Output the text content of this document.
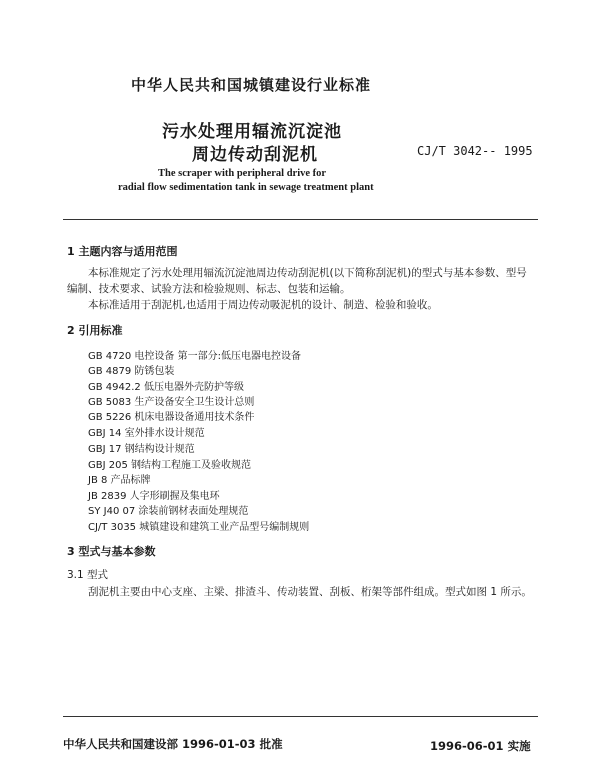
中华人民共和国城镇建设行业标准
污水处理用辐流沉淀池
周边传动刮泥机	CJ/T 3042-- 1995
The scraper with peripheral drive for
radial flow sedimentation tank in sewage treatment plant
1 主题内容与适用范围
本标准规定了污水处理用辐流沉淀池周边传动刮泥机(以下简称刮泥机)的型式与基本参数、型号
编制、技术要求、试验方法和检验规则、标志、包装和运输。
本标准适用于刮泥机,也适用于周边传动吸泥机的设计、制造、检验和验收。
2 引用标准
GB 4720 电控设备 第一部分:低压电器电控设备
GB 4879 防锈包装
GB 4942.2 低压电器外壳防护等级
GB 5083 生产设备安全卫生设计总则
GB 5226 机床电器设备通用技术条件
GBJ 14 室外排水设计规范
GBJ 17 钢结构设计规范
GBJ 205 钢结构工程施工及验收规范
JB 8 产品标牌
JB 2839 人字形刷握及集电环
SY J40 07 涂装前钢材表面处理规范
CJ/T 3035 城镇建设和建筑工业产品型号编制规则
3 型式与基本参数
3.1 型式
刮泥机主要由中心支座、主梁、排渣斗、传动装置、刮板、桁架等部件组成。型式如图 1 所示。
中华人民共和国建设部 1996-01-03 批准	1996-06-01 实施
